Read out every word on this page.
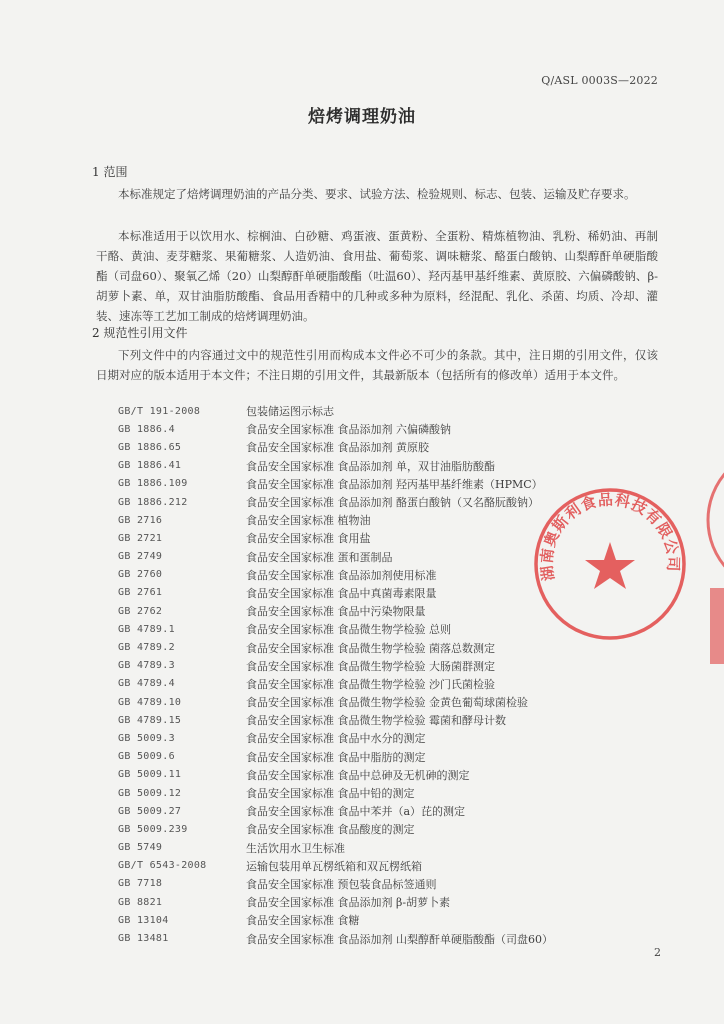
Q/ASL 0003S—2022
焙烤调理奶油
1 范围

本标准规定了焙烤调理奶油的产品分类、要求、试验方法、检验规则、标志、包装、运输及贮存要求。

本标准适用于以饮用水、棕榈油、白砂糖、鸡蛋液、蛋黄粉、全蛋粉、精炼植物油、乳粉、稀奶油、再制干酪、黄油、麦芽糖浆、果葡糖浆、人造奶油、食用盐、葡萄浆、调味糖浆、酪蛋白酸钠、山梨醇酐单硬脂酸酯（司盘60）、聚氧乙烯（20）山梨醇酐单硬脂酸酯（吐温60）、羟丙基甲基纤维素、黄原胶、六偏磷酸钠、β-胡萝卜素、单，双甘油脂肪酸酯、食品用香精中的几种或多种为原料，经混配、乳化、杀菌、均质、冷却、灌装、速冻等工艺加工制成的焙烤调理奶油。

2 规范性引用文件

下列文件中的内容通过文中的规范性引用而构成本文件必不可少的条款。其中，注日期的引用文件，仅该日期对应的版本适用于本文件；不注日期的引用文件，其最新版本（包括所有的修改单）适用于本文件。

GB/T 191-2008	包装储运图示标志
GB 1886.4	食品安全国家标准 食品添加剂 六偏磷酸钠
GB 1886.65	食品安全国家标准 食品添加剂 黄原胶
GB 1886.41	食品安全国家标准 食品添加剂 单，双甘油脂肪酸酯
GB 1886.109	食品安全国家标准 食品添加剂 羟丙基甲基纤维素（HPMC）
GB 1886.212	食品安全国家标准 食品添加剂 酪蛋白酸钠（又名酪朊酸钠）
GB 2716	食品安全国家标准 植物油
GB 2721	食品安全国家标准 食用盐
GB 2749	食品安全国家标准 蛋和蛋制品
GB 2760	食品安全国家标准 食品添加剂使用标准
GB 2761	食品安全国家标准 食品中真菌毒素限量
GB 2762	食品安全国家标准 食品中污染物限量
GB 4789.1	食品安全国家标准 食品微生物学检验 总则
GB 4789.2	食品安全国家标准 食品微生物学检验 菌落总数测定
GB 4789.3	食品安全国家标准 食品微生物学检验 大肠菌群测定
GB 4789.4	食品安全国家标准 食品微生物学检验 沙门氏菌检验
GB 4789.10	食品安全国家标准 食品微生物学检验 金黄色葡萄球菌检验
GB 4789.15	食品安全国家标准 食品微生物学检验 霉菌和酵母计数
GB 5009.3	食品安全国家标准 食品中水分的测定
GB 5009.6	食品安全国家标准 食品中脂肪的测定
GB 5009.11	食品安全国家标准 食品中总砷及无机砷的测定
GB 5009.12	食品安全国家标准 食品中铅的测定
GB 5009.27	食品安全国家标准 食品中苯并（a）芘的测定
GB 5009.239	食品安全国家标准 食品酸度的测定
GB 5749	生活饮用水卫生标准
GB/T 6543-2008	运输包装用单瓦楞纸箱和双瓦楞纸箱
GB 7718	食品安全国家标准 预包装食品标签通则
GB 8821	食品安全国家标准 食品添加剂 β-胡萝卜素
GB 13104	食品安全国家标准 食糖
GB 13481	食品安全国家标准 食品添加剂 山梨醇酐单硬脂酸酯（司盘60）
2
湖南奥斯利食品科技有限公司
